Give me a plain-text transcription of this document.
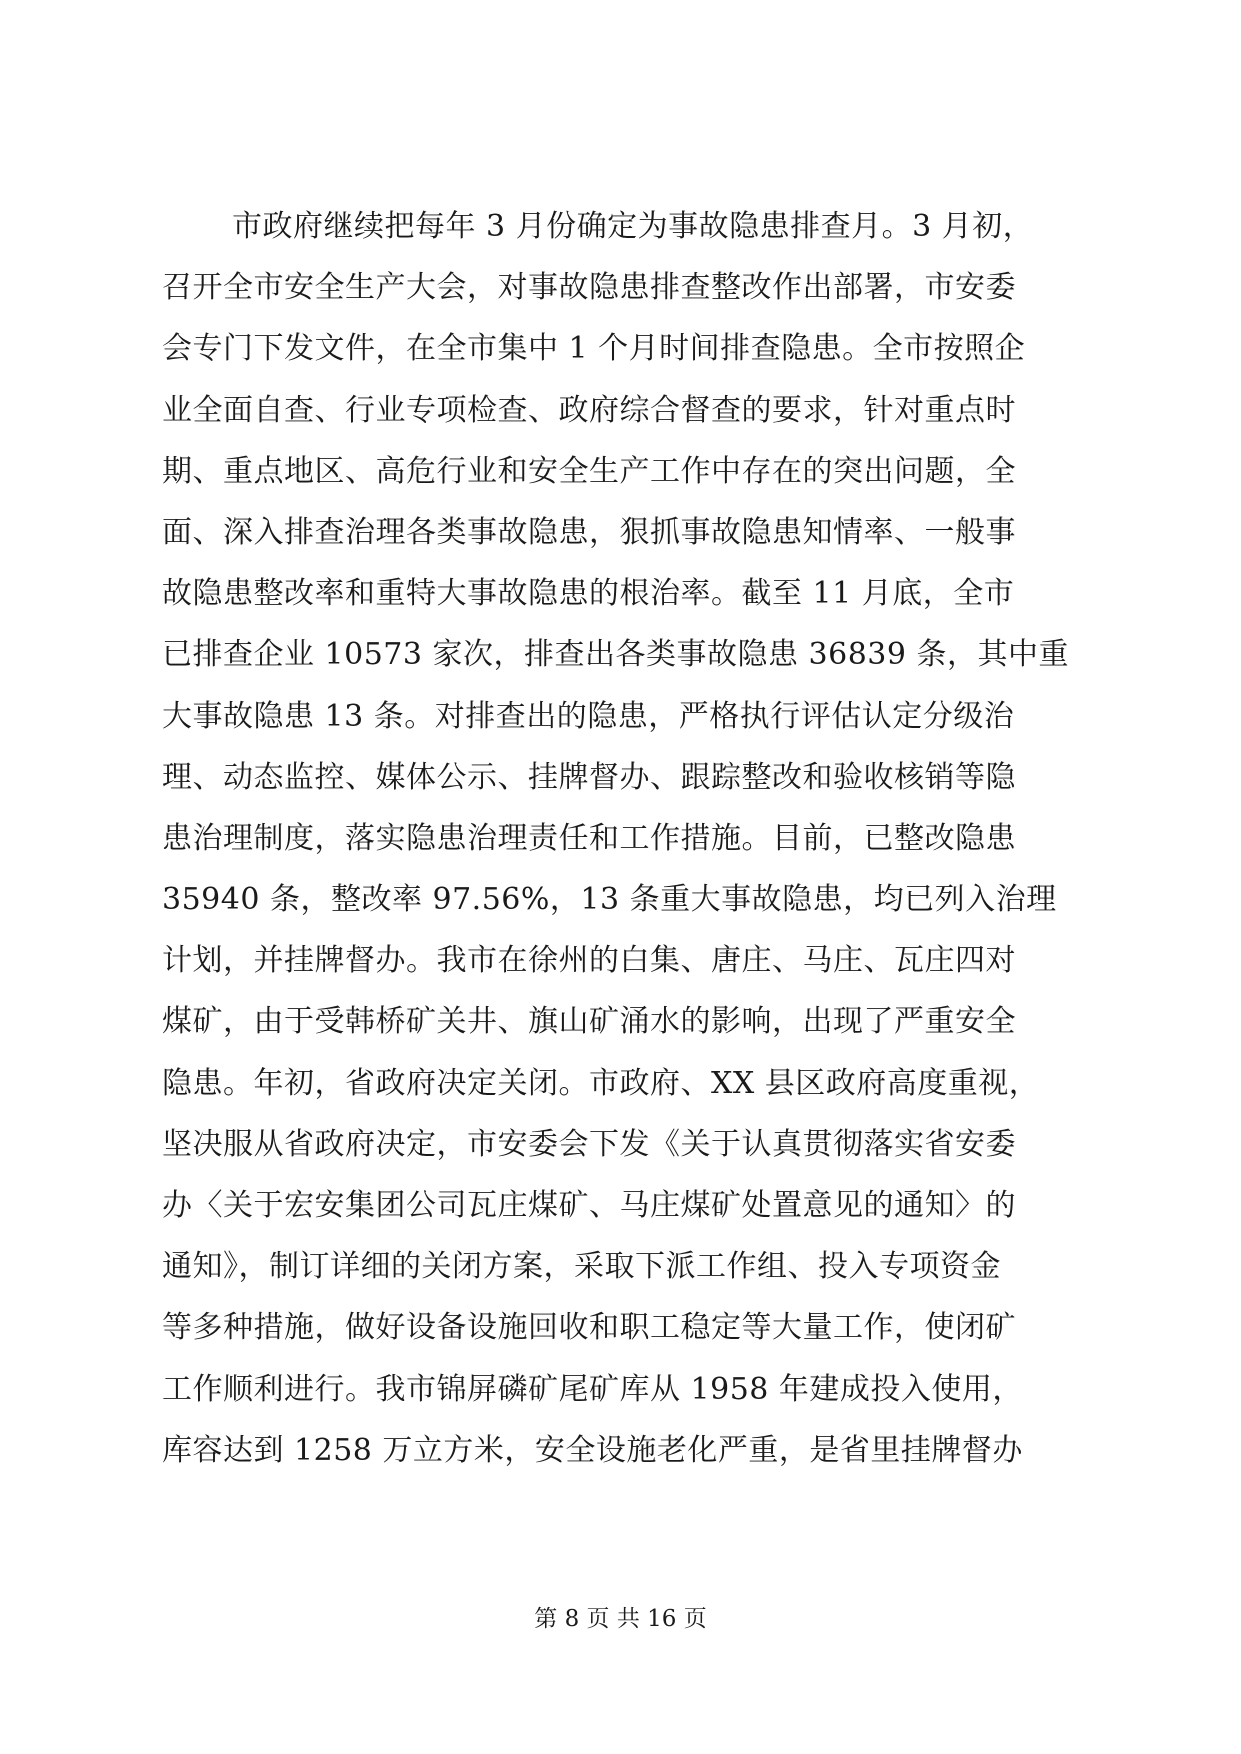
市政府继续把每年 3 月份确定为事故隐患排查月。3 月初，
召开全市安全生产大会，对事故隐患排查整改作出部署，市安委
会专门下发文件，在全市集中 1 个月时间排查隐患。全市按照企
业全面自查、行业专项检查、政府综合督查的要求，针对重点时
期、重点地区、高危行业和安全生产工作中存在的突出问题，全
面、深入排查治理各类事故隐患，狠抓事故隐患知情率、一般事
故隐患整改率和重特大事故隐患的根治率。截至 11 月底，全市
已排查企业 10573 家次，排查出各类事故隐患 36839 条，其中重
大事故隐患 13 条。对排查出的隐患，严格执行评估认定分级治
理、动态监控、媒体公示、挂牌督办、跟踪整改和验收核销等隐
患治理制度，落实隐患治理责任和工作措施。目前，已整改隐患
35940 条，整改率 97.56%，13 条重大事故隐患，均已列入治理
计划，并挂牌督办。我市在徐州的白集、唐庄、马庄、瓦庄四对
煤矿，由于受韩桥矿关井、旗山矿涌水的影响，出现了严重安全
隐患。年初，省政府决定关闭。市政府、XX 县区政府高度重视，
坚决服从省政府决定，市安委会下发《关于认真贯彻落实省安委
办〈关于宏安集团公司瓦庄煤矿、马庄煤矿处置意见的通知〉的
通知》，制订详细的关闭方案，采取下派工作组、投入专项资金
等多种措施，做好设备设施回收和职工稳定等大量工作，使闭矿
工作顺利进行。我市锦屏磷矿尾矿库从 1958 年建成投入使用，
库容达到 1258 万立方米，安全设施老化严重，是省里挂牌督办
第 8 页 共 16 页
